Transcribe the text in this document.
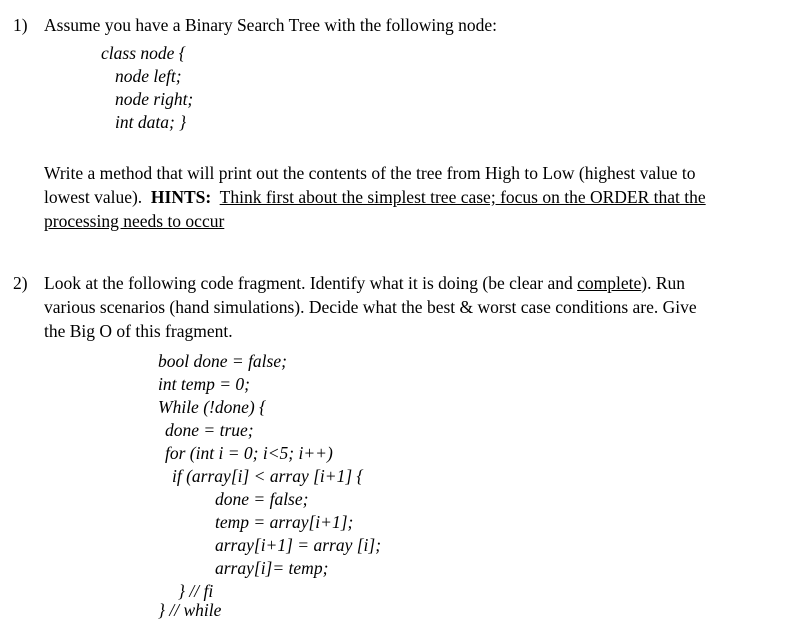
1) Assume you have a Binary Search Tree with the following node:
class node {
node left;
node right;
int data; }
Write a method that will print out the contents of the tree from High to Low (highest value to
lowest value). HINTS: Think first about the simplest tree case; focus on the ORDER that the
processing needs to occur
2) Look at the following code fragment. Identify what it is doing (be clear and complete). Run
various scenarios (hand simulations). Decide what the best & worst case conditions are. Give
the Big O of this fragment.
bool done = false;
int temp = 0;
While (!done) {
done = true;
for (int i = 0; i<5; i++)
if (array[i] < array [i+1] {
done = false;
temp = array[i+1];
array[i+1] = array [i];
array[i]= temp;
} // fi
} // while
